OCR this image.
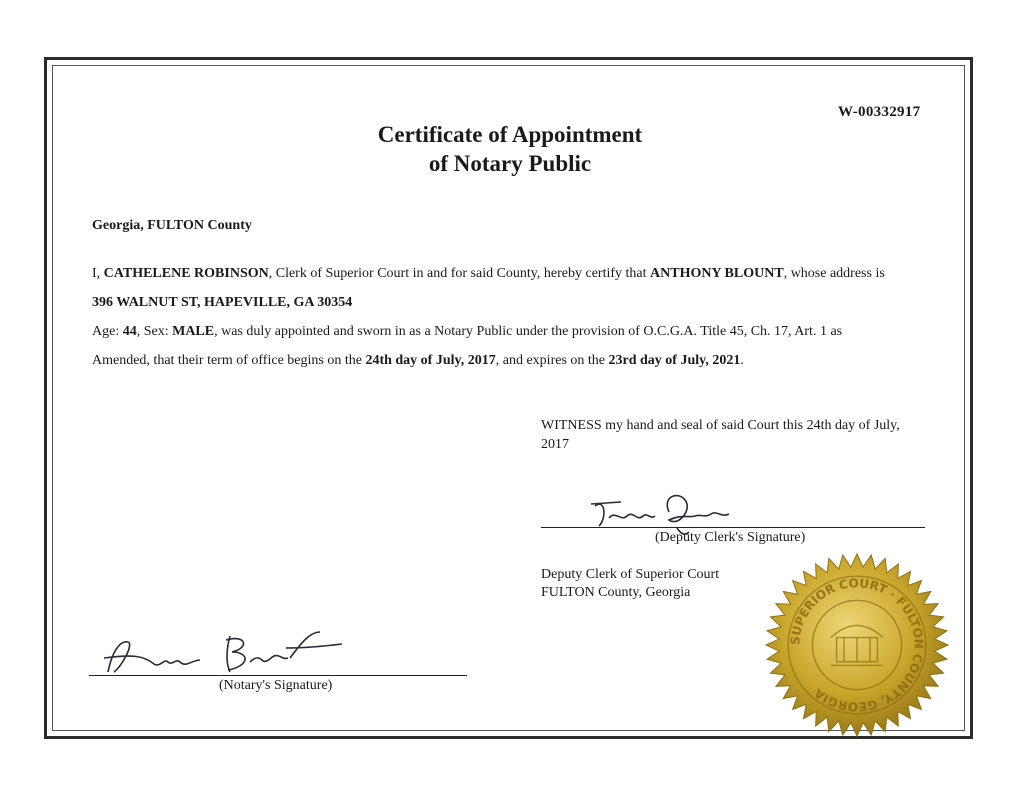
W-00332917
Certificate of Appointment
of Notary Public
Georgia, FULTON County
I, CATHELENE ROBINSON, Clerk of Superior Court in and for said County, hereby certify that ANTHONY BLOUNT, whose address is
396 WALNUT ST, HAPEVILLE, GA 30354
Age: 44, Sex: MALE, was duly appointed and sworn in as a Notary Public under the provision of O.C.G.A. Title 45, Ch. 17, Art. 1 as
Amended, that their term of office begins on the 24th day of July, 2017, and expires on the 23rd day of July, 2021.
WITNESS my hand and seal of said Court this 24th day of July, 2017
(Deputy Clerk's Signature)
Deputy Clerk of Superior Court
FULTON County, Georgia
(Notary's Signature)
SUPERIOR COURT · FULTON COUNTY, GEORGIA
